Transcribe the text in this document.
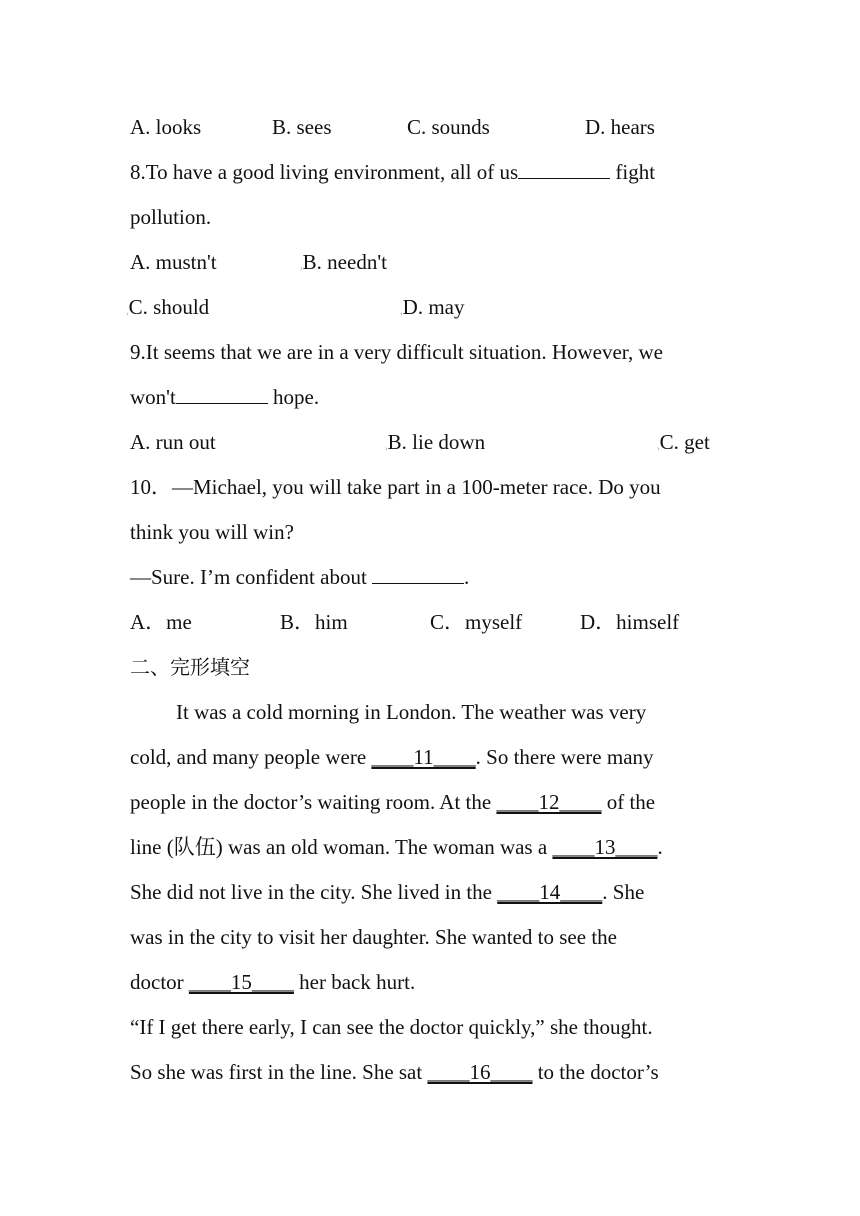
A. looks	B. sees	C. sounds	D. hears
8.To have a good living environment, all of us	fight
pollution.
A. mustn't	›B. needn't
›C. should	›D. may
9.It seems that we are in a very difficult situation. However, we
won't	hope.
A. run out	›B. lie down	›C. get
10．—Michael, you will take part in a 100-meter race. Do you
think you will win?
—Sure. I’m confident about	.
A．me	B．him	C．myself	D．himself
二、完形填空
It was a cold morning in London. The weather was very
cold, and many people were ____11____. So there were many
people in the doctor’s waiting room. At the ____12____ of the
line (队伍) was an old woman. The woman was a ____13____.
She did not live in the city. She lived in the ____14____. She
was in the city to visit her daughter. She wanted to see the
doctor ____15____ her back hurt.
“If I get there early, I can see the doctor quickly,” she thought.
So she was first in the line. She sat ____16____ to the doctor’s
